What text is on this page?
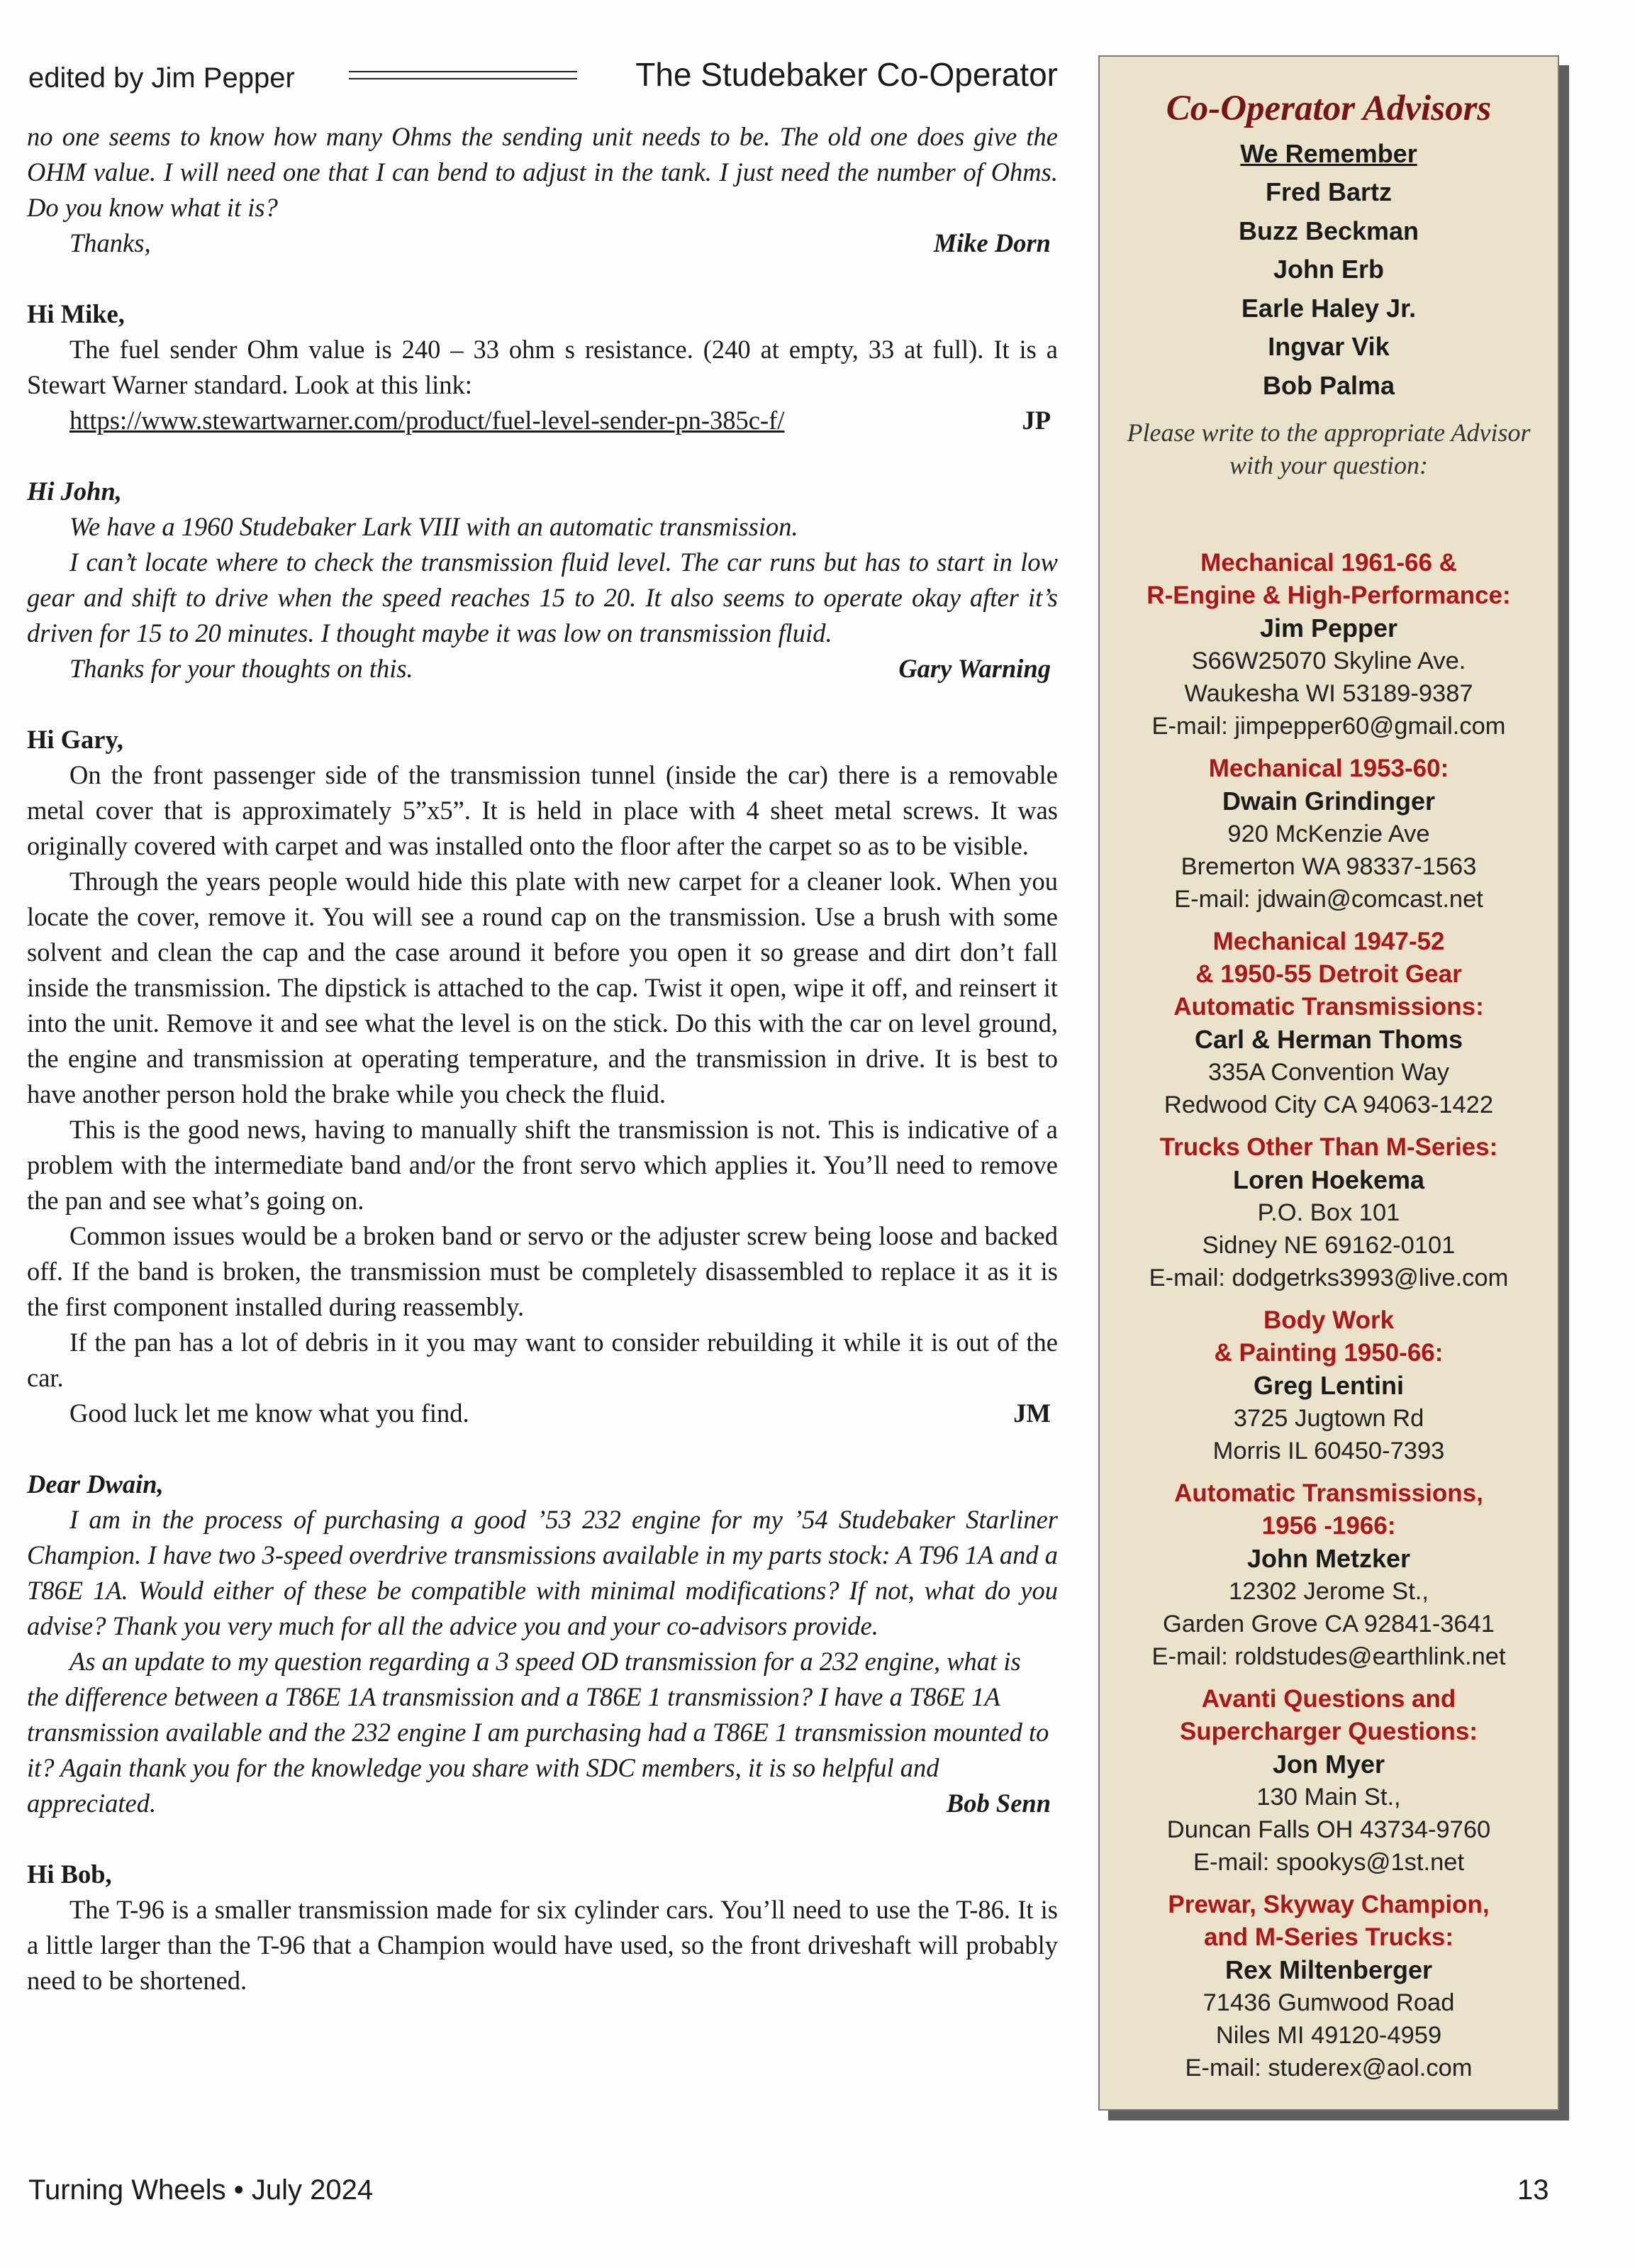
edited by Jim Pepper	The Studebaker Co-Operator

no one seems to know how many Ohms the sending unit needs to be. The old one does give the OHM value. I will need one that I can bend to adjust in the tank. I just need the number of Ohms. Do you know what it is?

Thanks,	Mike Dorn

Hi Mike,

The fuel sender Ohm value is 240 – 33 ohm s resistance. (240 at empty, 33 at full). It is a Stewart Warner standard. Look at this link:

https://www.stewartwarner.com/product/fuel-level-sender-pn-385c-f/	JP

Hi John,

We have a 1960 Studebaker Lark VIII with an automatic transmission.

I can’t locate where to check the transmission fluid level. The car runs but has to start in low gear and shift to drive when the speed reaches 15 to 20. It also seems to operate okay after it’s driven for 15 to 20 minutes. I thought maybe it was low on transmission fluid.

Thanks for your thoughts on this.	Gary Warning

Hi Gary,

On the front passenger side of the transmission tunnel (inside the car) there is a removable metal cover that is approximately 5”x5”. It is held in place with 4 sheet metal screws. It was originally covered with carpet and was installed onto the floor after the carpet so as to be visible.

Through the years people would hide this plate with new carpet for a cleaner look. When you locate the cover, remove it. You will see a round cap on the transmission. Use a brush with some solvent and clean the cap and the case around it before you open it so grease and dirt don’t fall inside the transmission. The dipstick is attached to the cap. Twist it open, wipe it off, and reinsert it into the unit. Remove it and see what the level is on the stick. Do this with the car on level ground, the engine and transmission at operating temperature, and the transmission in drive. It is best to have another person hold the brake while you check the fluid.

This is the good news, having to manually shift the transmission is not. This is indicative of a problem with the intermediate band and/or the front servo which applies it. You’ll need to remove the pan and see what’s going on.

Common issues would be a broken band or servo or the adjuster screw being loose and backed off. If the band is broken, the transmission must be completely disassembled to replace it as it is the first component installed during reassembly.

If the pan has a lot of debris in it you may want to consider rebuilding it while it is out of the car.

Good luck let me know what you find.	JM

Dear Dwain,

I am in the process of purchasing a good ’53 232 engine for my ’54 Studebaker Starliner Champion. I have two 3-speed overdrive transmissions available in my parts stock: A T96 1A and a T86E 1A. Would either of these be compatible with minimal modifications? If not, what do you advise? Thank you very much for all the advice you and your co-advisors provide.

As an update to my question regarding a 3 speed OD transmission for a 232 engine, what is the difference between a T86E 1A transmission and a T86E 1 transmission? I have a T86E 1A transmission available and the 232 engine I am purchasing had a T86E 1 transmission mounted to it? Again thank you for the knowledge you share with SDC members, it is so helpful and appreciated.	Bob Senn

Hi Bob,

The T-96 is a smaller transmission made for six cylinder cars. You’ll need to use the T-86. It is a little larger than the T-96 that a Champion would have used, so the front driveshaft will probably need to be shortened.

Co-Operator Advisors
We Remember
Fred Bartz
Buzz Beckman
John Erb
Earle Haley Jr.
Ingvar Vik
Bob Palma
Please write to the appropriate Advisor with your question:
Mechanical 1961-66 &
R-Engine & High-Performance:
Jim Pepper
S66W25070 Skyline Ave.
Waukesha WI 53189-9387
E-mail: jimpepper60@gmail.com
Mechanical 1953-60:
Dwain Grindinger
920 McKenzie Ave
Bremerton WA 98337-1563
E-mail: jdwain@comcast.net
Mechanical 1947-52
& 1950-55 Detroit Gear
Automatic Transmissions:
Carl & Herman Thoms
335A Convention Way
Redwood City CA 94063-1422
Trucks Other Than M-Series:
Loren Hoekema
P.O. Box 101
Sidney NE 69162-0101
E-mail: dodgetrks3993@live.com
Body Work
& Painting 1950-66:
Greg Lentini
3725 Jugtown Rd
Morris IL 60450-7393
Automatic Transmissions,
1956 -1966:
John Metzker
12302 Jerome St.,
Garden Grove CA 92841-3641
E-mail: roldstudes@earthlink.net
Avanti Questions and
Supercharger Questions:
Jon Myer
130 Main St.,
Duncan Falls OH 43734-9760
E-mail: spookys@1st.net
Prewar, Skyway Champion,
and M-Series Trucks:
Rex Miltenberger
71436 Gumwood Road
Niles MI 49120-4959
E-mail: studerex@aol.com
Turning Wheels • July 2024	13
